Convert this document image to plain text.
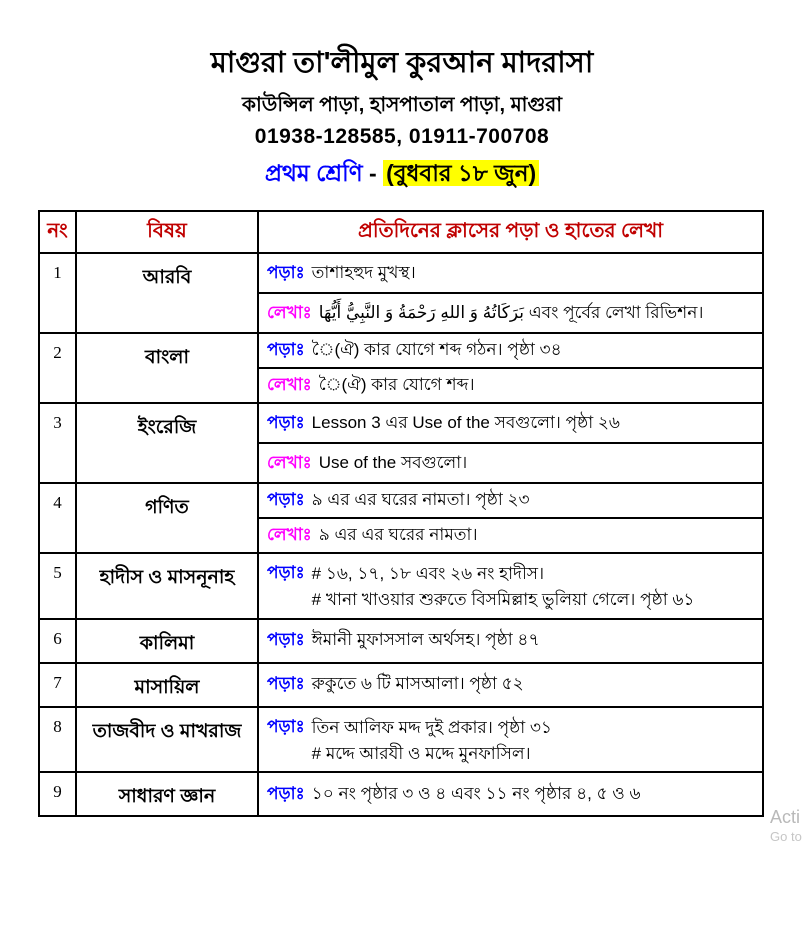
মাগুরা তা'লীমুল কুরআন মাদরাসা
কাউন্সিল পাড়া, হাসপাতাল পাড়া, মাগুরা
01938-128585, 01911-700708
প্রথম শ্রেণি - (বুধবার ১৮ জুন)
নং	বিষয়	প্রতিদিনের ক্লাসের পড়া ও হাতের লেখা
1	আরবি	পড়াঃ তাশাহহুদ মুখস্থ।

		লেখাঃ أَيُّهَا‎ النَّبِيُّ‎ وَ‎ رَحْمَةُ‎ اللهِ‎ وَ‎ بَرَكَاتُهُ‎ এবং পূর্বের লেখা রিভিশন।

2	বাংলা	পড়াঃ ◌ৈ(ঐ) কার যোগে শব্দ গঠন। পৃষ্ঠা ৩৪

		লেখাঃ ◌ৈ(ঐ) কার যোগে শব্দ।

3	ইংরেজি	পড়াঃ Lesson 3 এর Use of the সবগুলো। পৃষ্ঠা ২৬

		লেখাঃ Use of the সবগুলো।

4	গণিত	পড়াঃ ৯ এর এর ঘরের নামতা। পৃষ্ঠা ২৩

		লেখাঃ ৯ এর এর ঘরের নামতা।

5	হাদীস ও মাসনূনাহ	পড়াঃ # ১৬, ১৭, ১৮ এবং ২৬ নং হাদীস।
# খানা খাওয়ার শুরুতে বিসমিল্লাহ ভুলিয়া গেলে। পৃষ্ঠা ৬১

6	কালিমা	পড়াঃ ঈমানী মুফাসসাল অর্থসহ। পৃষ্ঠা ৪৭

7	মাসায়িল	পড়াঃ রুকুতে ৬ টি মাসআলা। পৃষ্ঠা ৫২

8	তাজবীদ ও মাখরাজ	পড়াঃ তিন আলিফ মদ্দ দুই প্রকার। পৃষ্ঠা ৩১
# মদ্দে আরযী ও মদ্দে মুনফাসিল।

9	সাধারণ জ্ঞান	পড়াঃ ১০ নং পৃষ্ঠার ৩ ও ৪ এবং ১১ নং পৃষ্ঠার ৪, ৫ ও ৬
Acti
Go to
